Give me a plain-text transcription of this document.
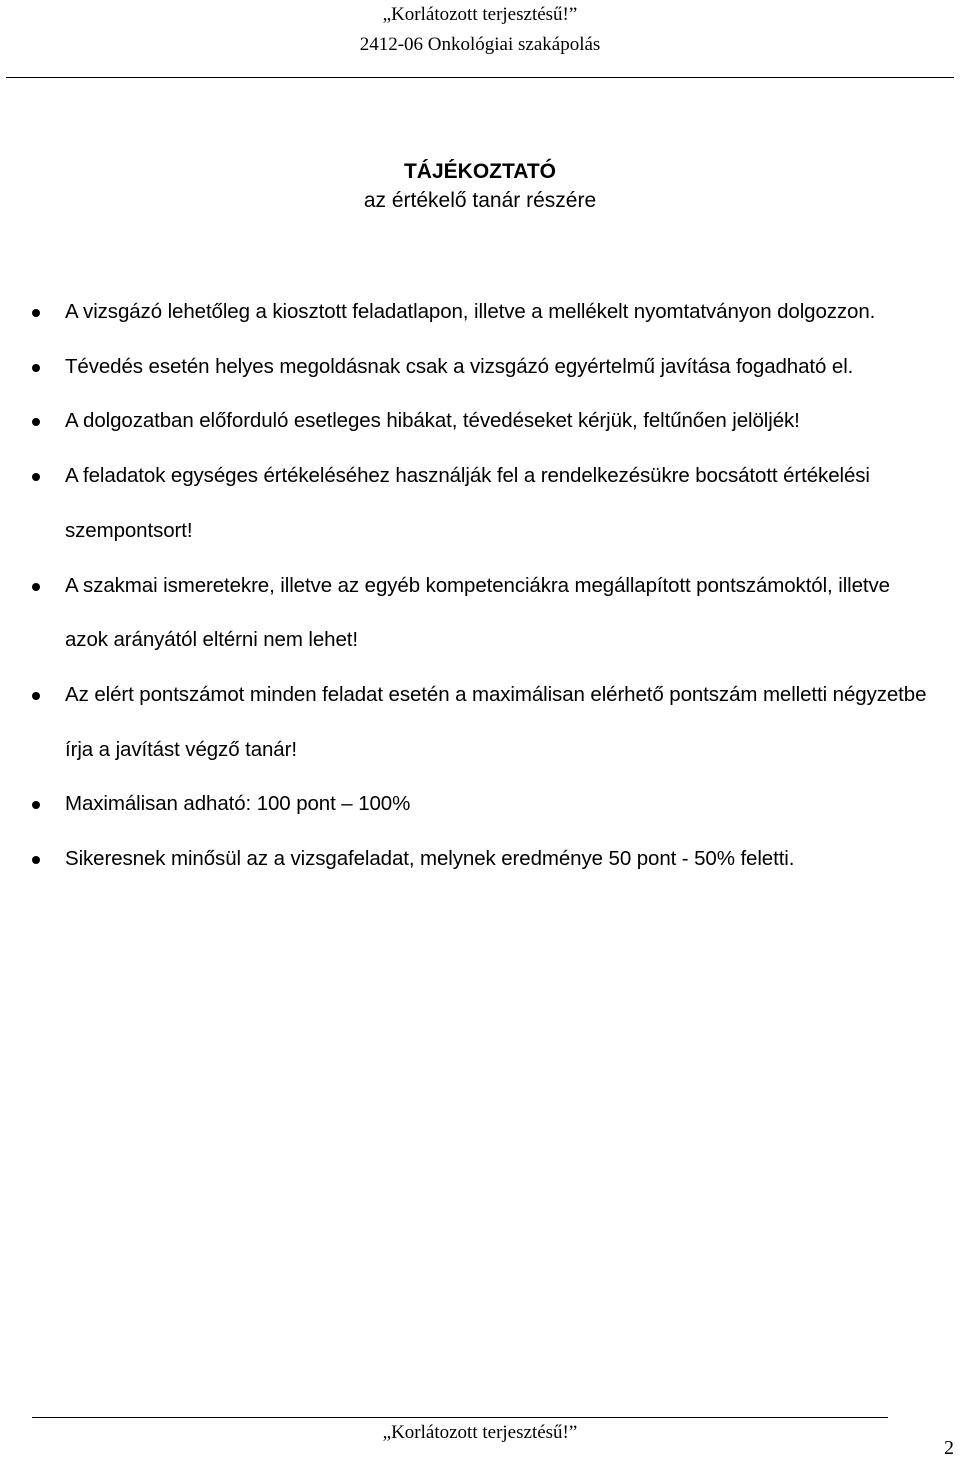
„Korlátozott terjesztésű!”
2412-06 Onkológiai szakápolás
TÁJÉKOZTATÓ
az értékelő tanár részére
A vizsgázó lehetőleg a kiosztott feladatlapon, illetve a mellékelt nyomtatványon dolgozzon.
Tévedés esetén helyes megoldásnak csak a vizsgázó egyértelmű javítása fogadható el.
A dolgozatban előforduló esetleges hibákat, tévedéseket kérjük, feltűnően jelöljék!
A feladatok egységes értékeléséhez használják fel a rendelkezésükre bocsátott értékelési szempontsort!
A szakmai ismeretekre, illetve az egyéb kompetenciákra megállapított pontszámoktól, illetve azok arányától eltérni nem lehet!
Az elért pontszámot minden feladat esetén a maximálisan elérhető pontszám melletti négyzetbe írja a javítást végző tanár!
Maximálisan adható: 100 pont – 100%
Sikeresnek minősül az a vizsgafeladat, melynek eredménye 50 pont - 50% feletti.
„Korlátozott terjesztésű!”
2
